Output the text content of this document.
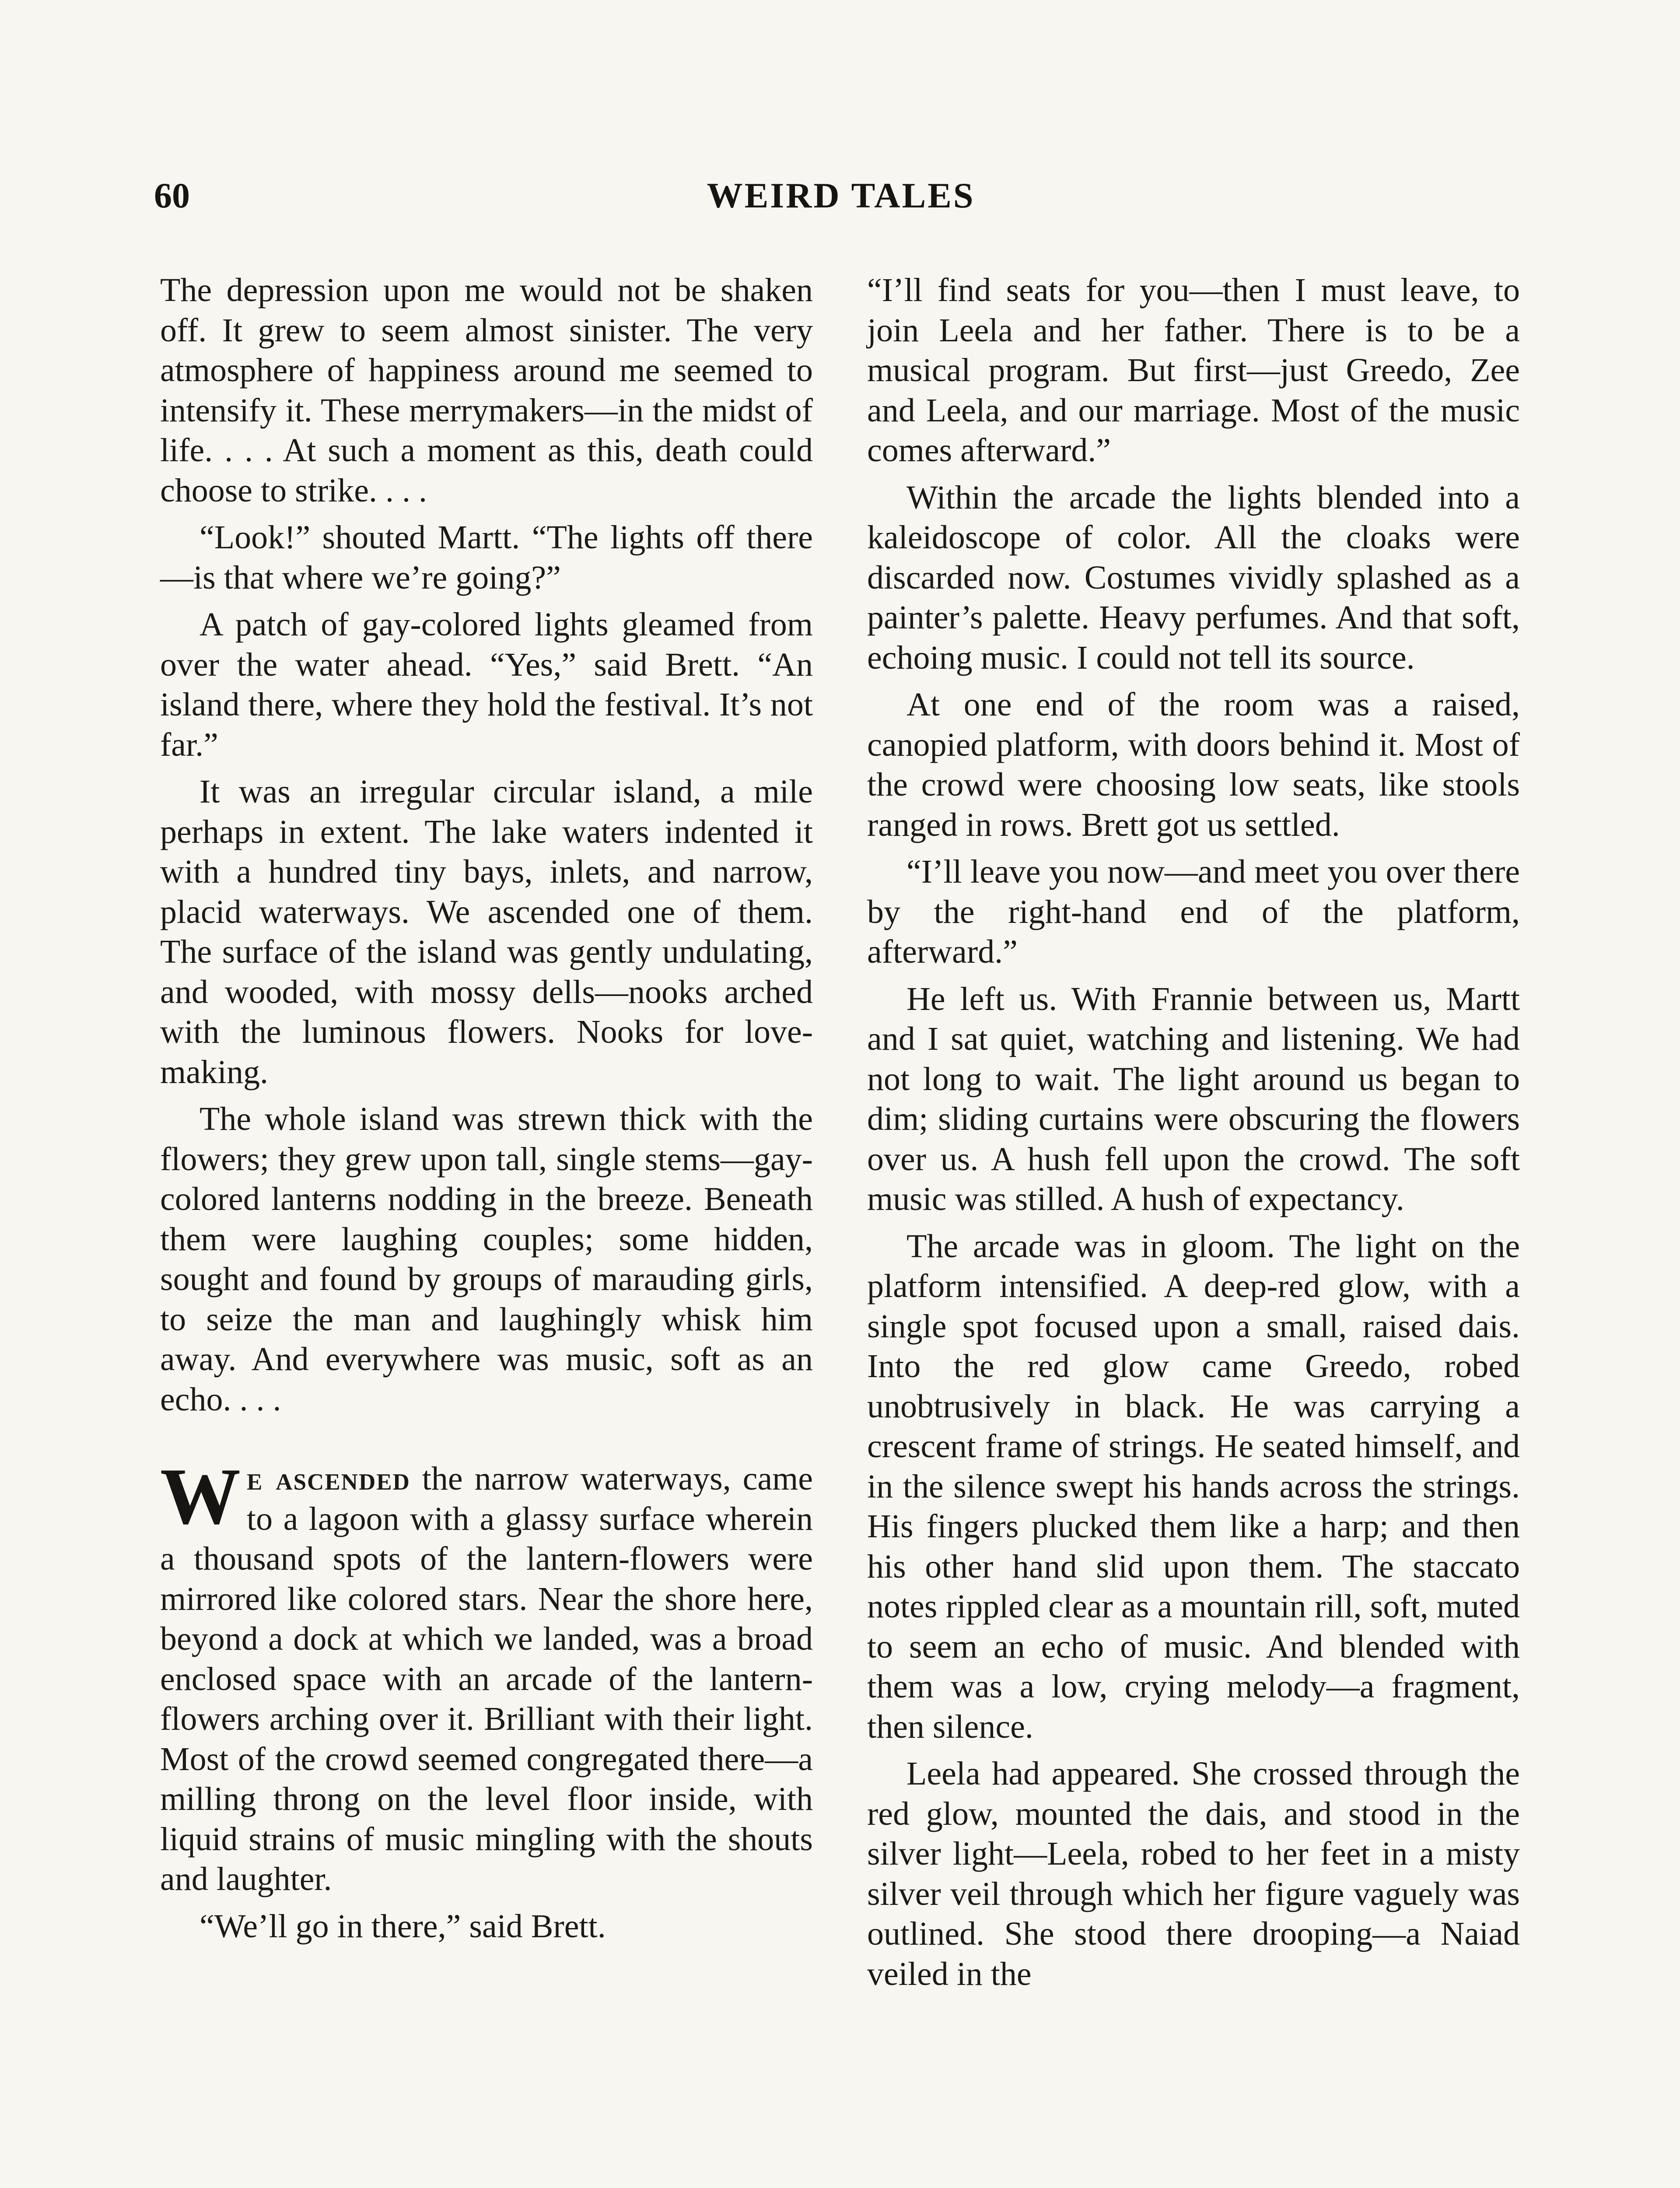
60	WEIRD TALES

The depression upon me would not be shaken off. It grew to seem almost sinister. The very atmosphere of happiness around me seemed to intensify it. These merrymakers—in the midst of life. . . . At such a moment as this, death could choose to strike. . . .

“Look!” shouted Martt. “The lights off there—is that where we’re going?”

A patch of gay-colored lights gleamed from over the water ahead. “Yes,” said Brett. “An island there, where they hold the festival. It’s not far.”

It was an irregular circular island, a mile perhaps in extent. The lake waters indented it with a hundred tiny bays, inlets, and narrow, placid waterways. We ascended one of them. The surface of the island was gently undulating, and wooded, with mossy dells—nooks arched with the luminous flowers. Nooks for lovemaking.

The whole island was strewn thick with the flowers; they grew upon tall, single stems—gay-colored lanterns nodding in the breeze. Beneath them were laughing couples; some hidden, sought and found by groups of marauding girls, to seize the man and laughingly whisk him away. And everywhere was music, soft as an echo. . . .

We ascended the narrow waterways, came to a lagoon with a glassy surface wherein a thousand spots of the lantern-flowers were mirrored like colored stars. Near the shore here, beyond a dock at which we landed, was a broad enclosed space with an arcade of the lantern-flowers arching over it. Brilliant with their light. Most of the crowd seemed congregated there—a milling throng on the level floor inside, with liquid strains of music mingling with the shouts and laughter.

“We’ll go in there,” said Brett.

“I’ll find seats for you—then I must leave, to join Leela and her father. There is to be a musical program. But first—just Greedo, Zee and Leela, and our marriage. Most of the music comes afterward.”

Within the arcade the lights blended into a kaleidoscope of color. All the cloaks were discarded now. Costumes vividly splashed as a painter’s palette. Heavy perfumes. And that soft, echoing music. I could not tell its source.

At one end of the room was a raised, canopied platform, with doors behind it. Most of the crowd were choosing low seats, like stools ranged in rows. Brett got us settled.

“I’ll leave you now—and meet you over there by the right-hand end of the platform, afterward.”

He left us. With Frannie between us, Martt and I sat quiet, watching and listening. We had not long to wait. The light around us began to dim; sliding curtains were obscuring the flowers over us. A hush fell upon the crowd. The soft music was stilled. A hush of expectancy.

The arcade was in gloom. The light on the platform intensified. A deep-red glow, with a single spot focused upon a small, raised dais. Into the red glow came Greedo, robed unobtrusively in black. He was carrying a crescent frame of strings. He seated himself, and in the silence swept his hands across the strings. His fingers plucked them like a harp; and then his other hand slid upon them. The staccato notes rippled clear as a mountain rill, soft, muted to seem an echo of music. And blended with them was a low, crying melody—a fragment, then silence.

Leela had appeared. She crossed through the red glow, mounted the dais, and stood in the silver light—Leela, robed to her feet in a misty silver veil through which her figure vaguely was outlined. She stood there drooping—a Naiad veiled in the
